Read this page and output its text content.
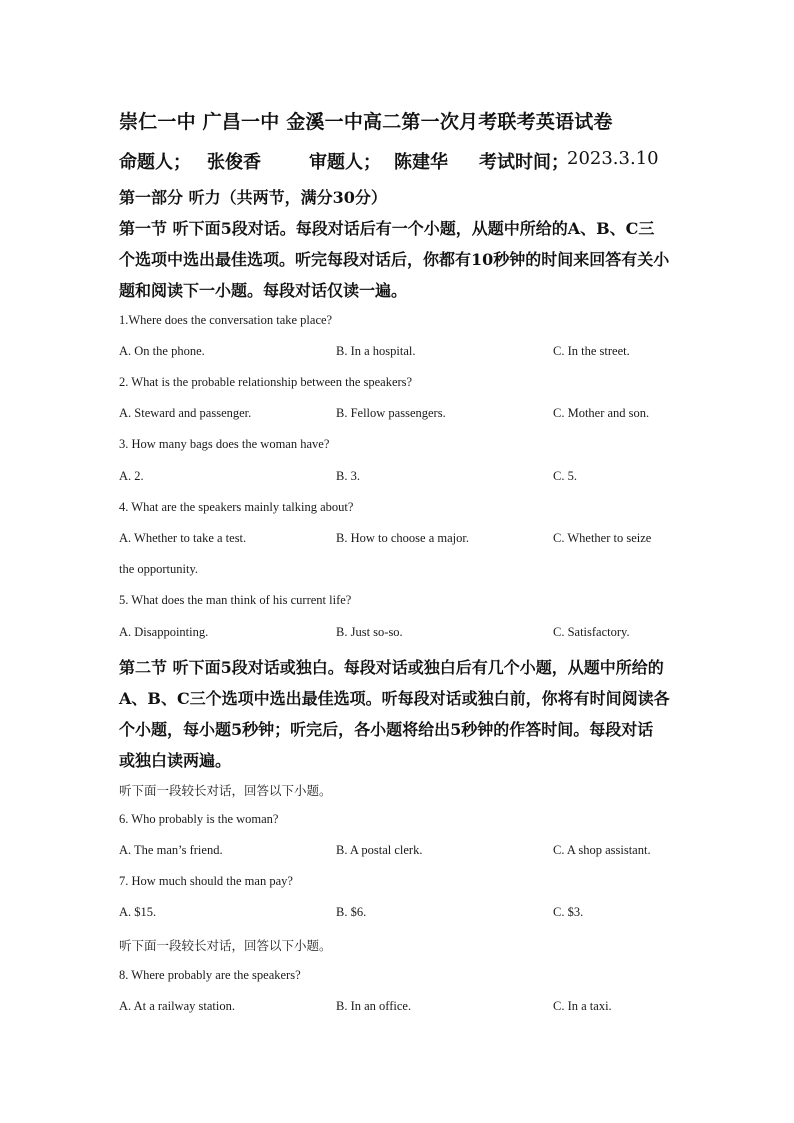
崇仁一中 广昌一中 金溪一中高二第一次月考联考英语试卷
命题人； 张俊香	审题人； 陈建华 考试时间；
2023.3.10
第一部分 听力（共两节，满分30分）
第一节 听下面5段对话。每段对话后有一个小题，从题中所给的A、B、C三
个选项中选出最佳选项。听完每段对话后，你都有10秒钟的时间来回答有关小
题和阅读下一小题。每段对话仅读一遍。
1.Where does the conversation take place?
A. On the phone.	B. In a hospital.	C. In the street.
2. What is the probable relationship between the speakers?
A. Steward and passenger.	B. Fellow passengers.	C. Mother and son.
3. How many bags does the woman have?
A. 2.	B. 3.	C. 5.
4. What are the speakers mainly talking about?
A. Whether to take a test.	B. How to choose a major.	C. Whether to seize
the opportunity.
5. What does the man think of his current life?
A. Disappointing.	B. Just so-so.	C. Satisfactory.
第二节 听下面5段对话或独白。每段对话或独白后有几个小题，从题中所给的
A、B、C三个选项中选出最佳选项。听每段对话或独白前，你将有时间阅读各
个小题，每小题5秒钟；听完后，各小题将给出5秒钟的作答时间。每段对话
或独白读两遍。
听下面一段较长对话，回答以下小题。
6. Who probably is the woman?
A. The man’s friend.	B. A postal clerk.	C. A shop assistant.
7. How much should the man pay?
A. $15.	B. $6.	C. $3.
听下面一段较长对话，回答以下小题。
8. Where probably are the speakers?
A. At a railway station.	B. In an office.	C. In a taxi.
